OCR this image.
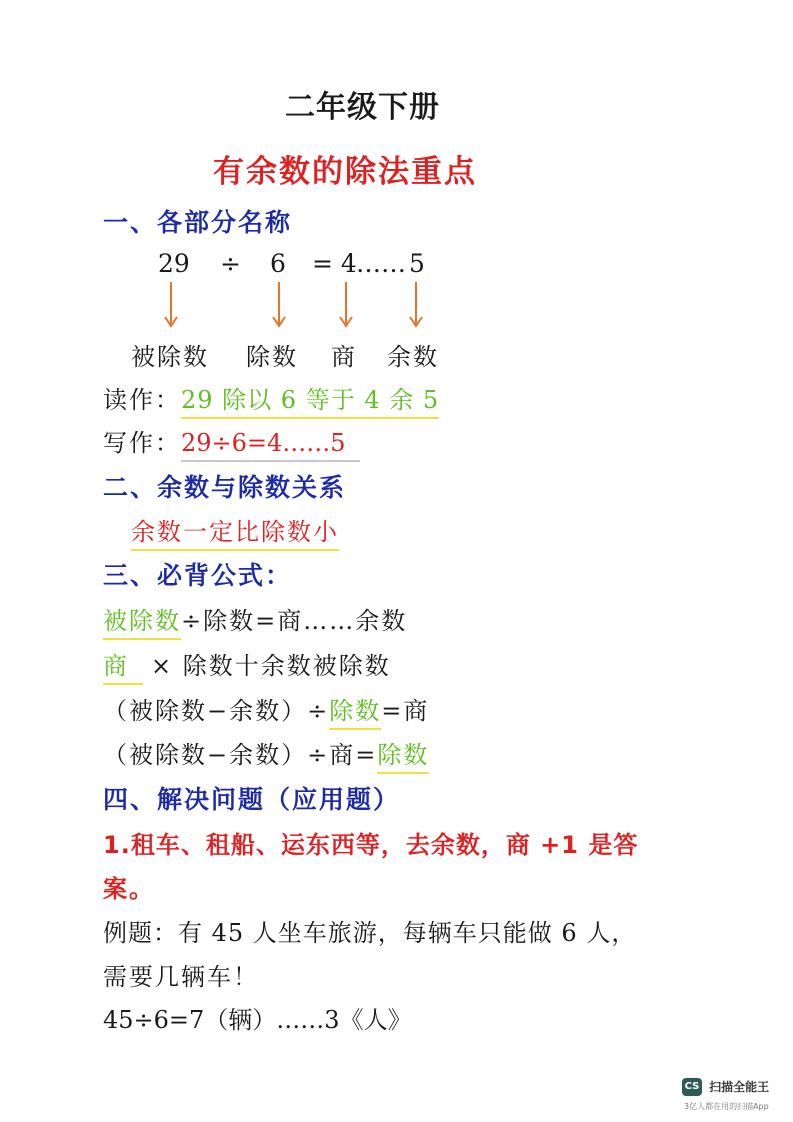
二年级下册
有余数的除法重点
一、各部分名称
29 ÷ 6 = 4 …… 5
被除数 除数 商 余数
读作：29 除以 6 等于 4 余 5
写作：29÷6=4……5
二、余数与除数关系
余数一定比除数小
三、必背公式：
被除数÷除数=商……余数
商 × 除数十余数被除数
（被除数−余数）÷除数=商
（被除数−余数）÷商=除数
四、解决问题（应用题）
1.租车、租船、运东西等，去余数，商 +1 是答
案。
例题：有 45 人坐车旅游，每辆车只能做 6 人，
需要几辆车！
45÷6=7（辆）……3《人》
CS 扫描全能王
3亿人都在用的扫描App
